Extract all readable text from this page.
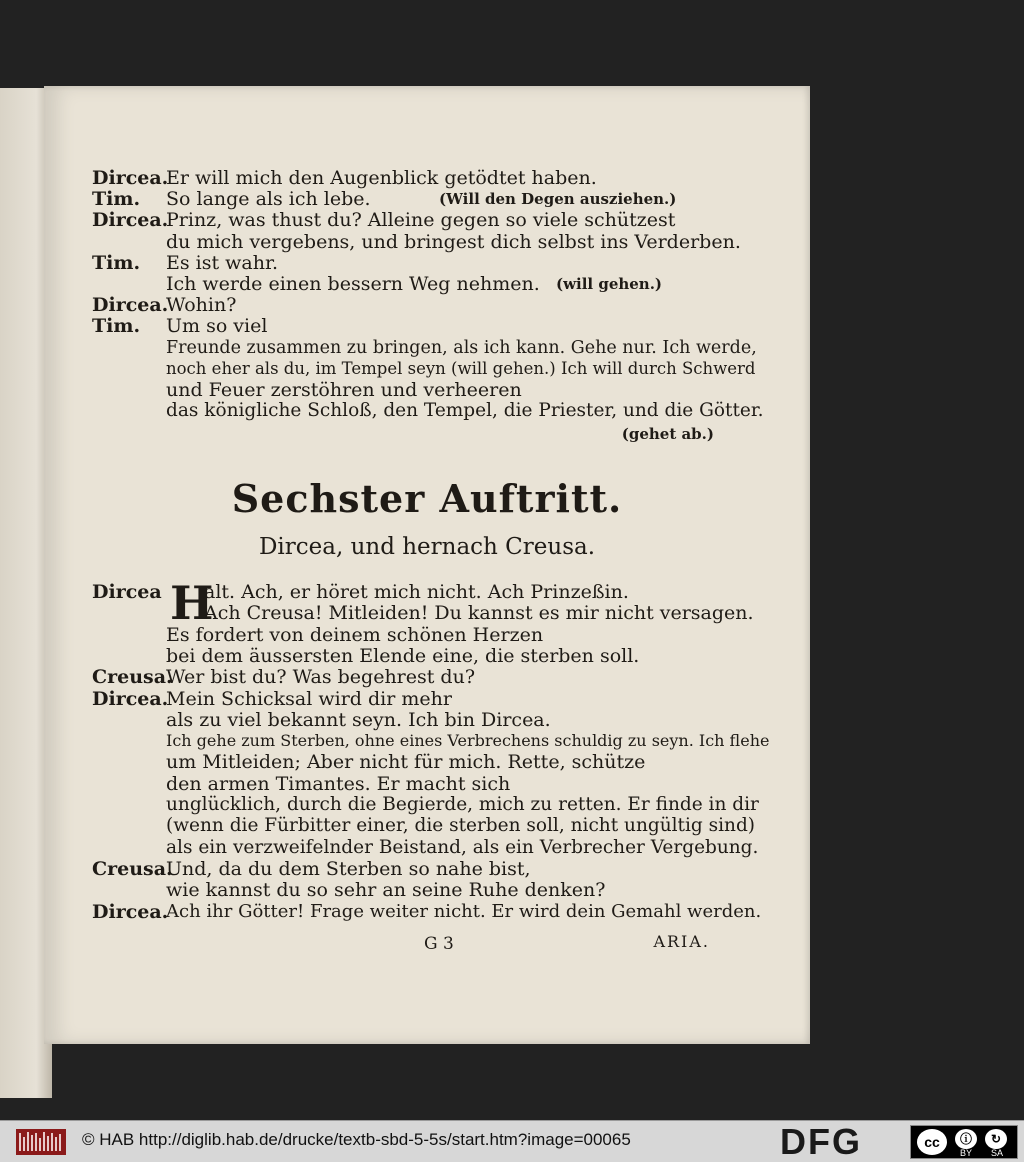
Dircea.
Er will mich den Augenblick getödtet haben.
Tim. So lange als ich lebe.	(Will den Degen ausziehen.)
Dircea.
Prinz, was thust du? Alleine gegen so viele schützest
du mich vergebens, und bringest dich selbst ins Verderben.
Tim. Es ist wahr.
Ich werde einen bessern Weg nehmen. (will gehen.)
Dircea.
Wohin?
Tim. Um so viel
Freunde zusammen zu bringen, als ich kann. Gehe nur. Ich werde,
noch eher als du, im Tempel seyn (will gehen.) Ich will durch Schwerd
und Feuer zerstöhren und verheeren
das königliche Schloß, den Tempel, die Priester, und die Götter.
(gehet ab.)
Sechster Auftritt.
Dircea, und hernach Creusa.
H
Dircea alt. Ach, er höret mich nicht. Ach Prinzeßin.
Ach Creusa! Mitleiden! Du kannst es mir nicht versagen.
Es fordert von deinem schönen Herzen
bei dem äussersten Elende eine, die sterben soll.
Creusa.
Wer bist du? Was begehrest du?
Dircea.
Mein Schicksal wird dir mehr
als zu viel bekannt seyn. Ich bin Dircea.
Ich gehe zum Sterben, ohne eines Verbrechens schuldig zu seyn. Ich flehe
um Mitleiden; Aber nicht für mich. Rette, schütze
den armen Timantes. Er macht sich
unglücklich, durch die Begierde, mich zu retten. Er finde in dir
(wenn die Fürbitter einer, die sterben soll, nicht ungültig sind)
als ein verzweifelnder Beistand, als ein Verbrecher Vergebung.
Creusa.
Und, da du dem Sterben so nahe bist,
wie kannst du so sehr an seine Ruhe denken?
Dircea.
Ach ihr Götter! Frage weiter nicht. Er wird dein Gemahl werden.
G 3	ARIA.
© HAB http://diglib.hab.de/drucke/textb-sbd-5-5s/start.htm?image=00065	DFG	cc	ⓘ	↻
BY SA
